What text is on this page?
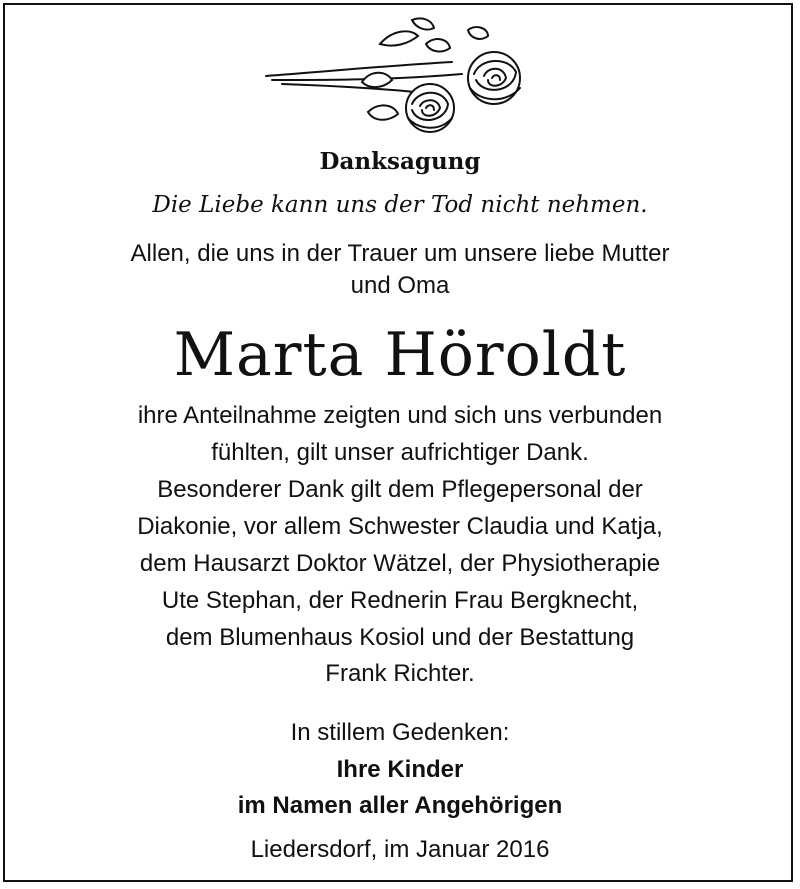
Danksagung
Die Liebe kann uns der Tod nicht nehmen.
Allen, die uns in der Trauer um unsere liebe Mutter
und Oma
Marta Höroldt
ihre Anteilnahme zeigten und sich uns verbunden
fühlten, gilt unser aufrichtiger Dank.
Besonderer Dank gilt dem Pflegepersonal der
Diakonie, vor allem Schwester Claudia und Katja,
dem Hausarzt Doktor Wätzel, der Physiotherapie
Ute Stephan, der Rednerin Frau Bergknecht,
dem Blumenhaus Kosiol und der Bestattung
Frank Richter.
In stillem Gedenken:
Ihre Kinder
im Namen aller Angehörigen
Liedersdorf, im Januar 2016
